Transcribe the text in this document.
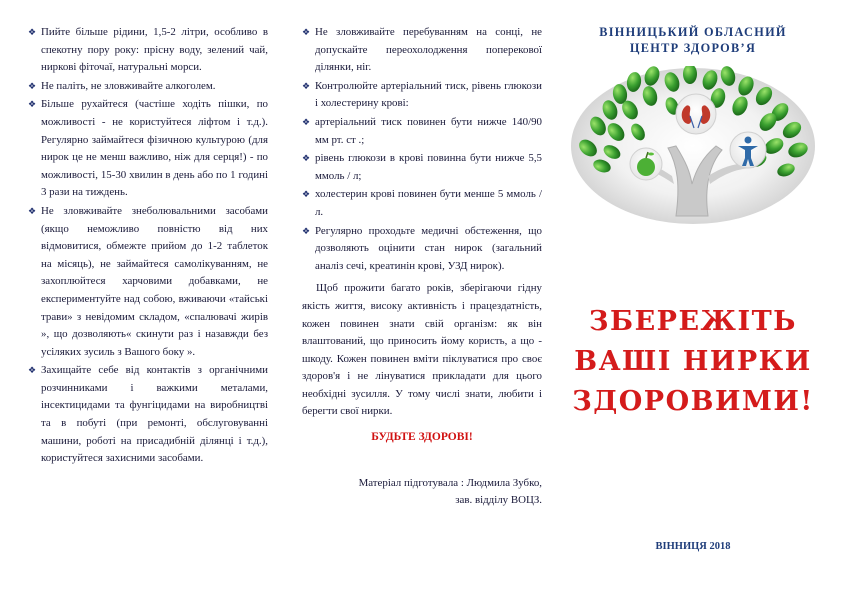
❖ Пийте більше рідини, 1,5-2 літри, особливо в спекотну пору року: прісну воду, зелений чай, ниркові фіточаї, натуральні морси.
❖ Не паліть, не зловживайте алкоголем.
❖ Більше рухайтеся (частіше ходіть пішки, по можливості - не користуйтеся ліфтом і т.д.). Регулярно займайтеся фізичною культурою (для нирок це не менш важливо, ніж для серця!) - по можливості, 15-30 хвилин в день або по 1 годині 3 рази на тиждень.
❖ Не зловживайте знеболювальними засобами (якщо неможливо повністю від них відмовитися, обмежте прийом до 1-2 таблеток на місяць), не займайтеся самолікуванням, не захоплюйтеся харчовими добавками, не експериментуйте над собою, вживаючи «тайські трави» з невідомим складом, «спалювачі жирів », що дозволяють« скинути раз і назавжди без усіляких зусиль з Вашого боку ».
❖ Захищайте себе від контактів з органічними розчинниками і важкими металами, інсектицидами та фунгіцидами на виробництві та в побуті (при ремонті, обслуговуванні машини, роботі на присадибній ділянці і т.д.), користуйтеся захисними засобами.
❖ Не зловживайте перебуванням на сонці, не допускайте переохолодження поперекової ділянки, ніг.
❖ Контролюйте артеріальний тиск, рівень глюкози і холестерину крові:
❖ артеріальний тиск повинен бути нижче 140/90 мм рт. ст .;
❖ рівень глюкози в крові повинна бути нижче 5,5 ммоль / л;
❖ холестерин крові повинен бути менше 5 ммоль / л.
❖ Регулярно проходьте медичні обстеження, що дозволяють оцінити стан нирок (загальний аналіз сечі, креатинін крові, УЗД нирок).

Щоб прожити багато років, зберігаючи гідну якість життя, високу активність і працездатність, кожен повинен знати свій організм: як він влаштований, що приносить йому користь, а що - шкоду. Кожен повинен вміти піклуватися про своє здоров'я і не лінуватися прикладати для цього необхідні зусилля. У тому числі знати, любити і берегти свої нирки.

БУДЬТЕ ЗДОРОВІ!

Матеріал підготувала : Людмила Зубко,
зав. відділу ВОЦЗ.
ВІННИЦЬКИЙ ОБЛАСНИЙ
ЦЕНТР ЗДОРОВ’Я
ЗБЕРЕЖІТЬ
ВАШІ НИРКИ
ЗДОРОВИМИ!
ВІННИЦЯ 2018
